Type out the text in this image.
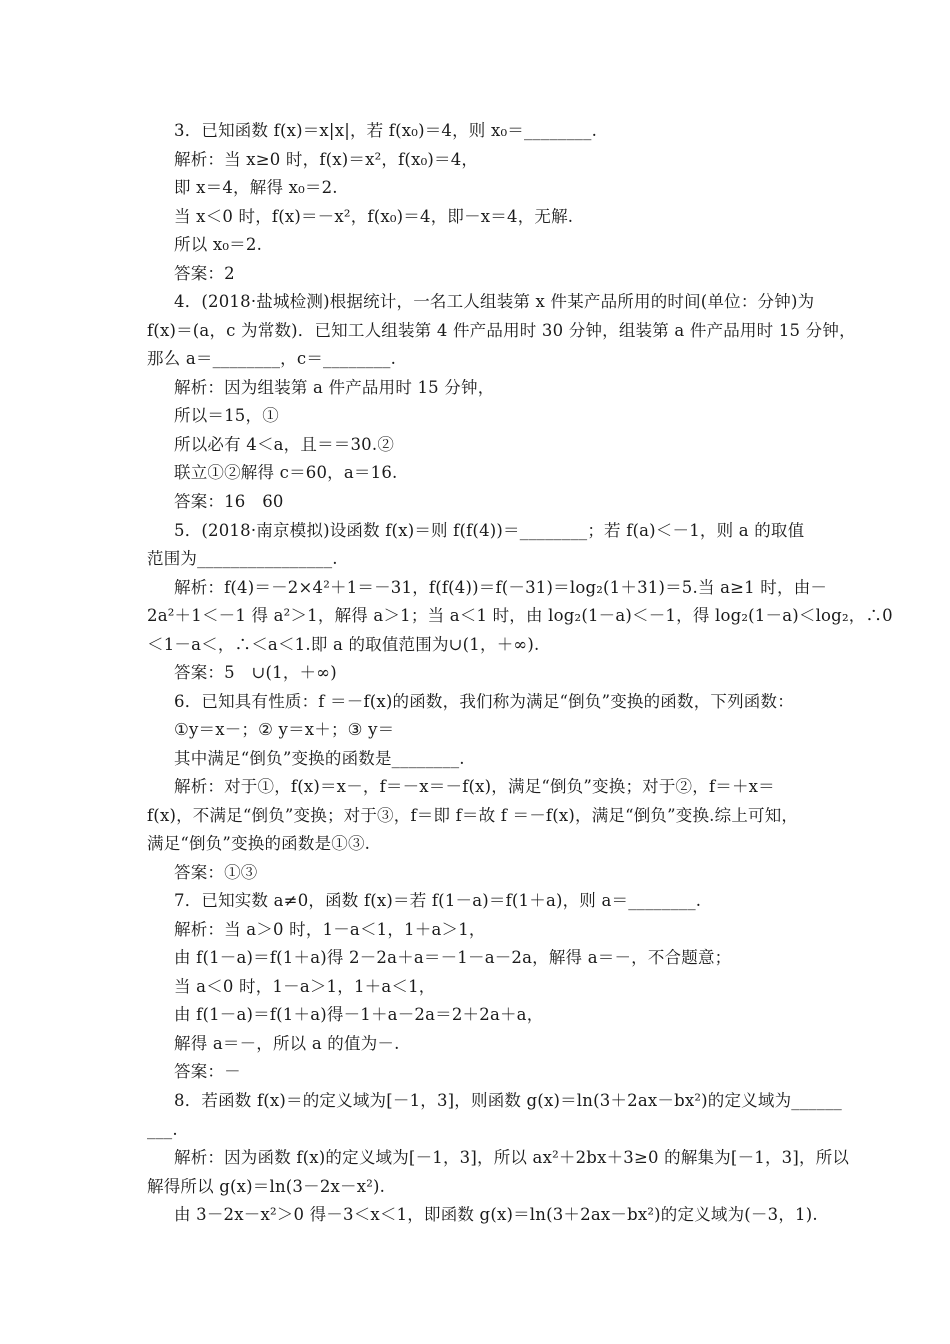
3．已知函数 f(x)＝x|x|，若 f(x₀)＝4，则 x₀＝________.
解析：当 x≥0 时，f(x)＝x²，f(x₀)＝4，
即 x＝4，解得 x₀＝2.
当 x＜0 时，f(x)＝－x²，f(x₀)＝4，即－x＝4，无解.
所以 x₀＝2.
答案：2
4．(2018·盐城检测)根据统计，一名工人组装第 x 件某产品所用的时间(单位：分钟)为
f(x)＝(a，c 为常数)．已知工人组装第 4 件产品用时 30 分钟，组装第 a 件产品用时 15 分钟，
那么 a＝________，c＝________.
解析：因为组装第 a 件产品用时 15 分钟，
所以＝15，①
所以必有 4＜a，且＝＝30.②
联立①②解得 c＝60，a＝16.
答案：16　60
5．(2018·南京模拟)设函数 f(x)＝则 f(f(4))＝________；若 f(a)＜－1，则 a 的取值
范围为________________.
解析：f(4)＝－2×4²＋1＝－31，f(f(4))＝f(－31)＝log₂(1＋31)＝5.当 a≥1 时，由－
2a²＋1＜－1 得 a²＞1，解得 a＞1；当 a＜1 时，由 log₂(1－a)＜－1，得 log₂(1－a)＜log₂，∴0
＜1－a＜，∴＜a＜1.即 a 的取值范围为∪(1，＋∞).
答案：5　∪(1，＋∞)
6．已知具有性质：f ＝－f(x)的函数，我们称为满足“倒负”变换的函数，下列函数：
①y＝x－；② y＝x＋；③ y＝
其中满足“倒负”变换的函数是________.
解析：对于①，f(x)＝x－，f＝－x＝－f(x)，满足“倒负”变换；对于②，f＝＋x＝
f(x)，不满足“倒负”变换；对于③，f＝即 f＝故 f ＝－f(x)，满足“倒负”变换.综上可知，
满足“倒负”变换的函数是①③.
答案：①③
7．已知实数 a≠0，函数 f(x)＝若 f(1－a)＝f(1＋a)，则 a＝________.
解析：当 a＞0 时，1－a＜1，1＋a＞1，
由 f(1－a)＝f(1＋a)得 2－2a＋a＝－1－a－2a，解得 a＝－，不合题意；
当 a＜0 时，1－a＞1，1＋a＜1，
由 f(1－a)＝f(1＋a)得－1＋a－2a＝2＋2a＋a，
解得 a＝－，所以 a 的值为－.
答案：－
8．若函数 f(x)＝的定义域为[－1，3]，则函数 g(x)＝ln(3＋2ax－bx²)的定义域为______
___.
解析：因为函数 f(x)的定义域为[－1，3]，所以 ax²＋2bx＋3≥0 的解集为[－1，3]，所以
解得所以 g(x)＝ln(3－2x－x²).
由 3－2x－x²＞0 得－3＜x＜1，即函数 g(x)＝ln(3＋2ax－bx²)的定义域为(－3，1).
